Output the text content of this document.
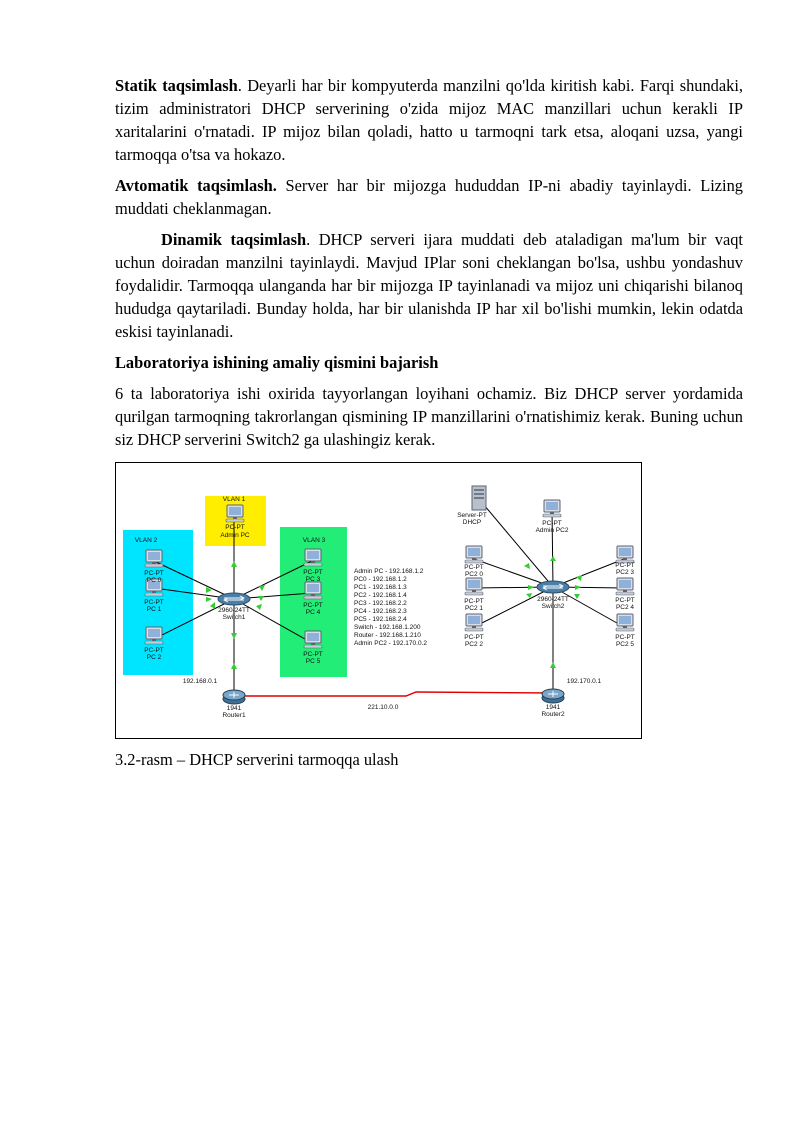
Statik taqsimlash. Deyarli har bir kompyuterda manzilni qo'lda kiritish kabi. Farqi shundaki, tizim administratori DHCP serverining o'zida mijoz MAC manzillari uchun kerakli IP xaritalarini o'rnatadi. IP mijoz bilan qoladi, hatto u tarmoqni tark etsa, aloqani uzsa, yangi tarmoqqa o'tsa va hokazo.

Avtomatik taqsimlash. Server har bir mijozga hududdan IP-ni abadiy tayinlaydi. Lizing muddati cheklanmagan.

Dinamik taqsimlash. DHCP serveri ijara muddati deb ataladigan ma'lum bir vaqt uchun doiradan manzilni tayinlaydi. Mavjud IPlar soni cheklangan bo'lsa, ushbu yondashuv foydalidir. Tarmoqqa ulanganda har bir mijozga IP tayinlanadi va mijoz uni chiqarishi bilanoq hududga qaytariladi. Bunday holda, har bir ulanishda IP har xil bo'lishi mumkin, lekin odatda eskisi tayinlanadi.

Laboratoriya ishining amaliy qismini bajarish

6 ta laboratoriya ishi oxirida tayyorlangan loyihani ochamiz. Biz DHCP server yordamida qurilgan tarmoqning takrorlangan qismining IP manzillarini o'rnatishimiz kerak. Buning uchun siz DHCP serverini Switch2 ga ulashingiz kerak.

VLAN 1
VLAN 2	VLAN 3
PC-PT
Admin PC
PC-PT
PC 0
PC-PT
PC 1
PC-PT
PC 2
PC-PT
PC 3
PC-PT
PC 4
PC-PT
PC 5
2960-24TT
Switch1
1941
Router1
192.168.0.1
221.10.0.0
Server-PT
DHCP	PC-PT
Admin PC2
PC-PT
PC2 0
PC-PT
PC2 1
PC-PT
PC2 2
PC-PT
PC2 3
PC-PT
PC2 4
PC-PT
PC2 5
2960-24TT
Switch2
1941
Router2
192.170.0.1
Admin PC - 192.168.1.2
PC0 - 192.168.1.2
PC1 - 192.168.1.3
PC2 - 192.168.1.4
PC3 - 192.168.2.2
PC4 - 192.168.2.3
PC5 - 192.168.2.4
Switch - 192.168.1.200
Router - 192.168.1.210
Admin PC2 - 192.170.0.2

3.2-rasm – DHCP serverini tarmoqqa ulash
